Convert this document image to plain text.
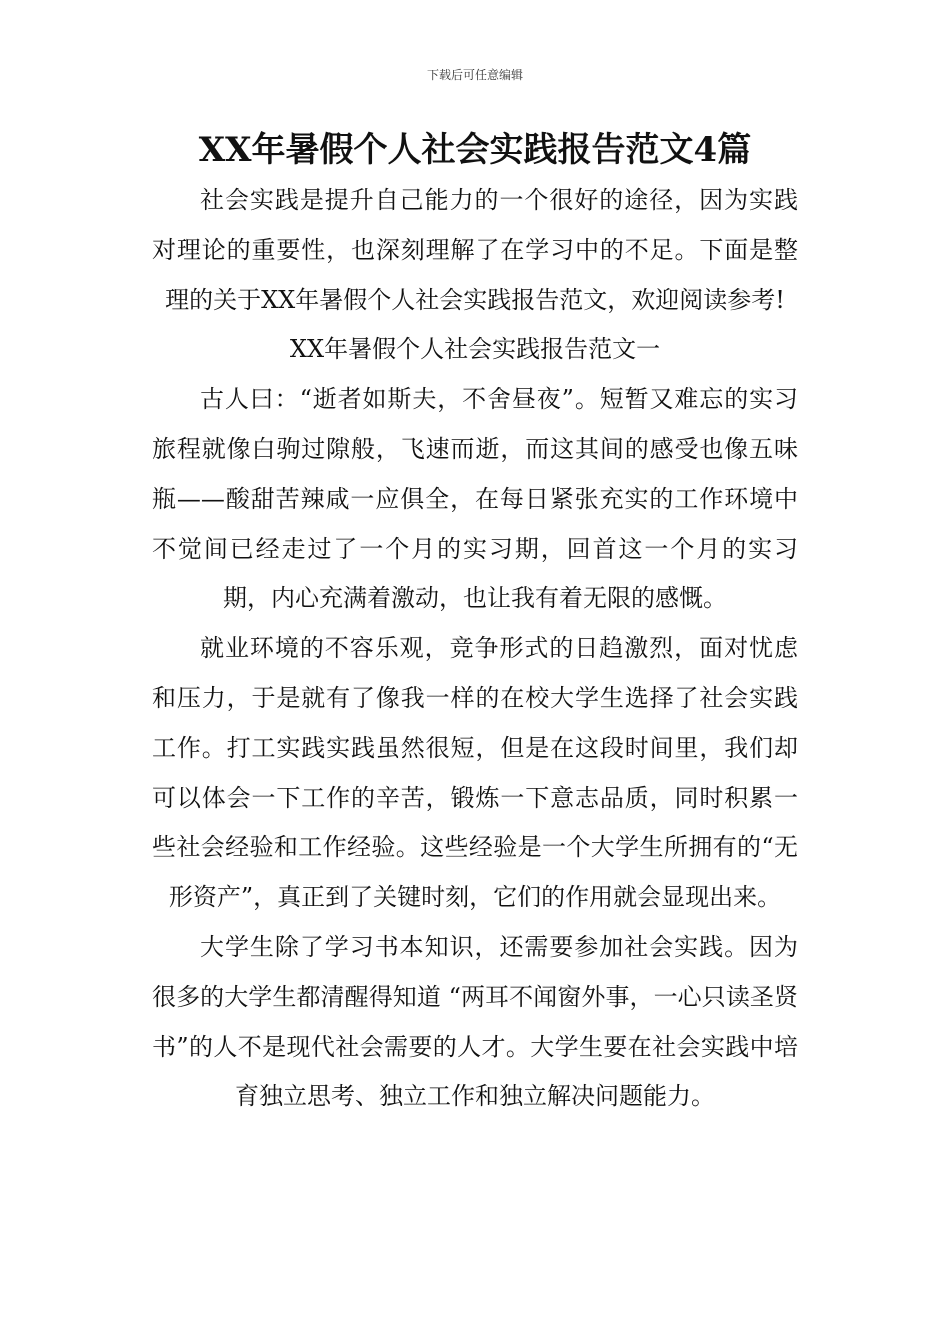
下载后可任意编辑
XX年暑假个人社会实践报告范文4篇

社会实践是提升自己能力的一个很好的途径，因为实践对理论的重要性，也深刻理解了在学习中的不足。下面是整理的关于XX年暑假个人社会实践报告范文，欢迎阅读参考!

XX年暑假个人社会实践报告范文一

古人曰：“逝者如斯夫，不舍昼夜”。短暂又难忘的实习旅程就像白驹过隙般，飞速而逝，而这其间的感受也像五味瓶——酸甜苦辣咸一应俱全，在每日紧张充实的工作环境中不觉间已经走过了一个月的实习期，回首这一个月的实习期，内心充满着激动，也让我有着无限的感慨。

就业环境的不容乐观，竞争形式的日趋激烈，面对忧虑和压力，于是就有了像我一样的在校大学生选择了社会实践工作。打工实践实践虽然很短，但是在这段时间里，我们却可以体会一下工作的辛苦，锻炼一下意志品质，同时积累一些社会经验和工作经验。这些经验是一个大学生所拥有的“无形资产”，真正到了关键时刻，它们的作用就会显现出来。

大学生除了学习书本知识，还需要参加社会实践。因为很多的大学生都清醒得知道 “两耳不闻窗外事，一心只读圣贤书”的人不是现代社会需要的人才。大学生要在社会实践中培育独立思考、独立工作和独立解决问题能力。
